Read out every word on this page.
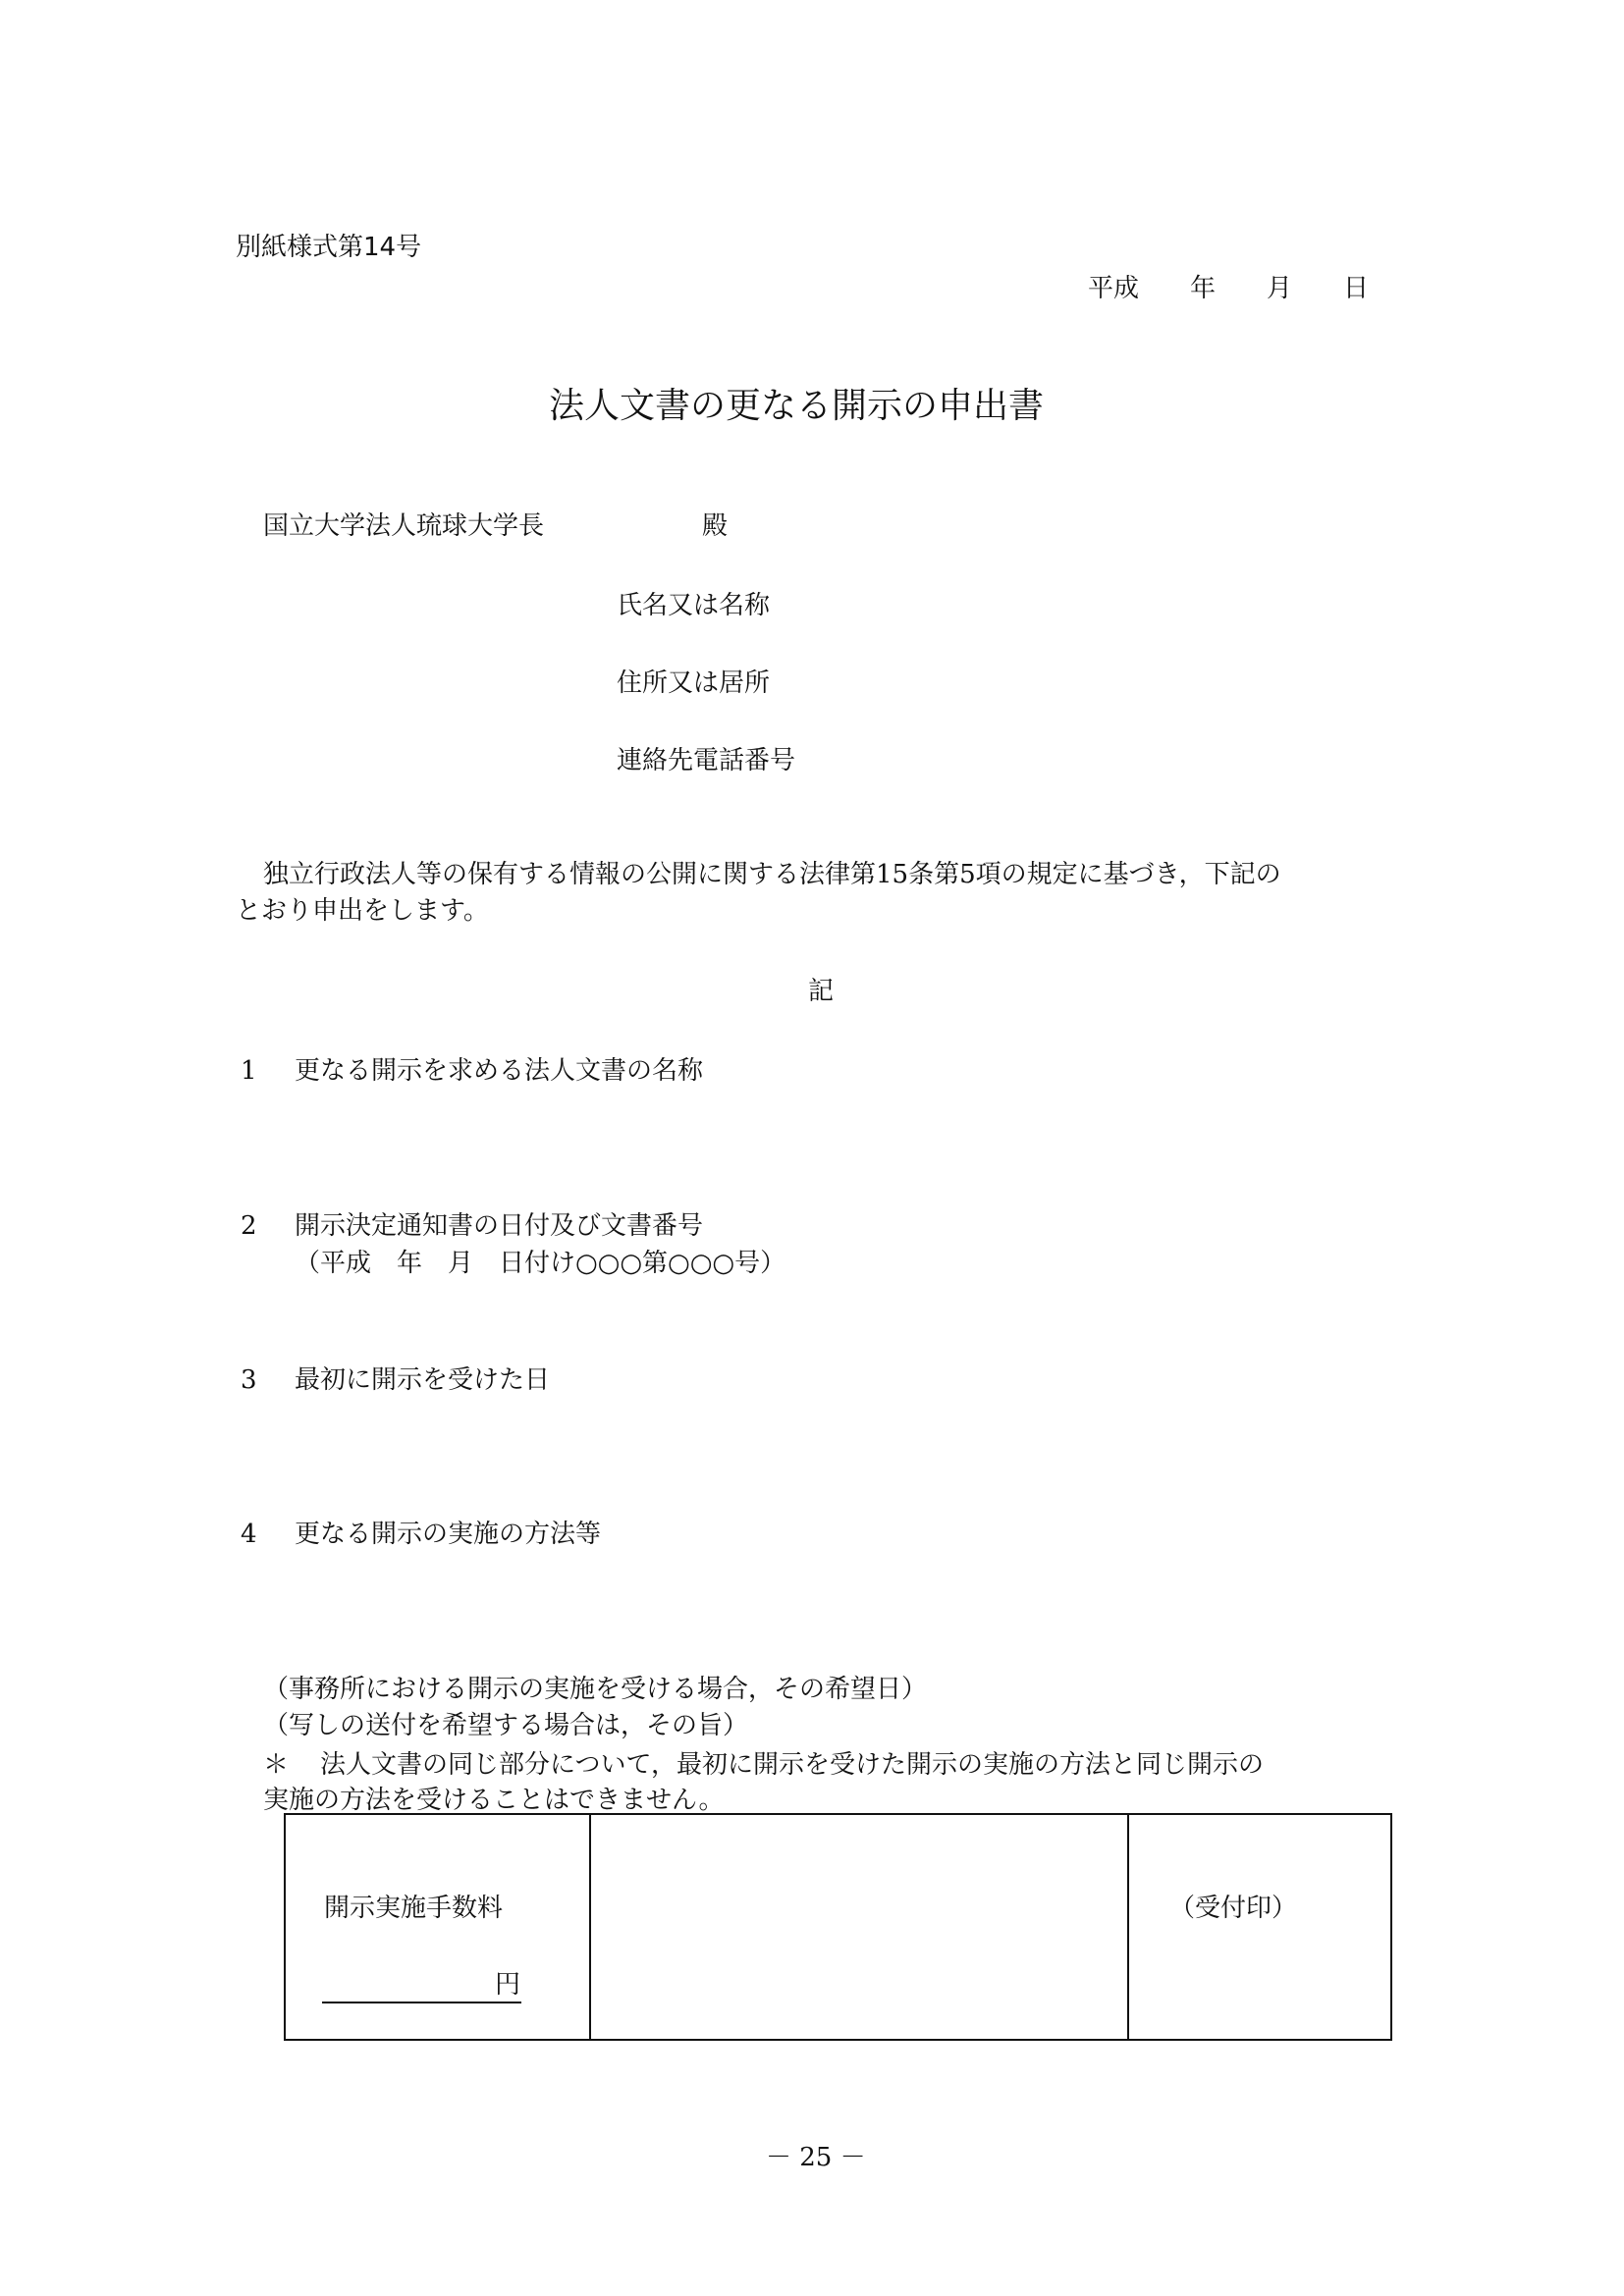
別紙様式第14号
平成　　年　　月　　日
法人文書の更なる開示の申出書
国立大学法人琉球大学長	殿
氏名又は名称
住所又は居所
連絡先電話番号
独立行政法人等の保有する情報の公開に関する法律第15条第5項の規定に基づき，下記の
とおり申出をします。
記
1 更なる開示を求める法人文書の名称
2 開示決定通知書の日付及び文書番号
（平成　年　月　日付け○○○第○○○号）
3 最初に開示を受けた日
4 更なる開示の実施の方法等
（事務所における開示の実施を受ける場合，その希望日）
（写しの送付を希望する場合は，その旨）
＊ 法人文書の同じ部分について，最初に開示を受けた開示の実施の方法と同じ開示の
実施の方法を受けることはできません。
開示実施手数料
円
（受付印）
－ 25 －
